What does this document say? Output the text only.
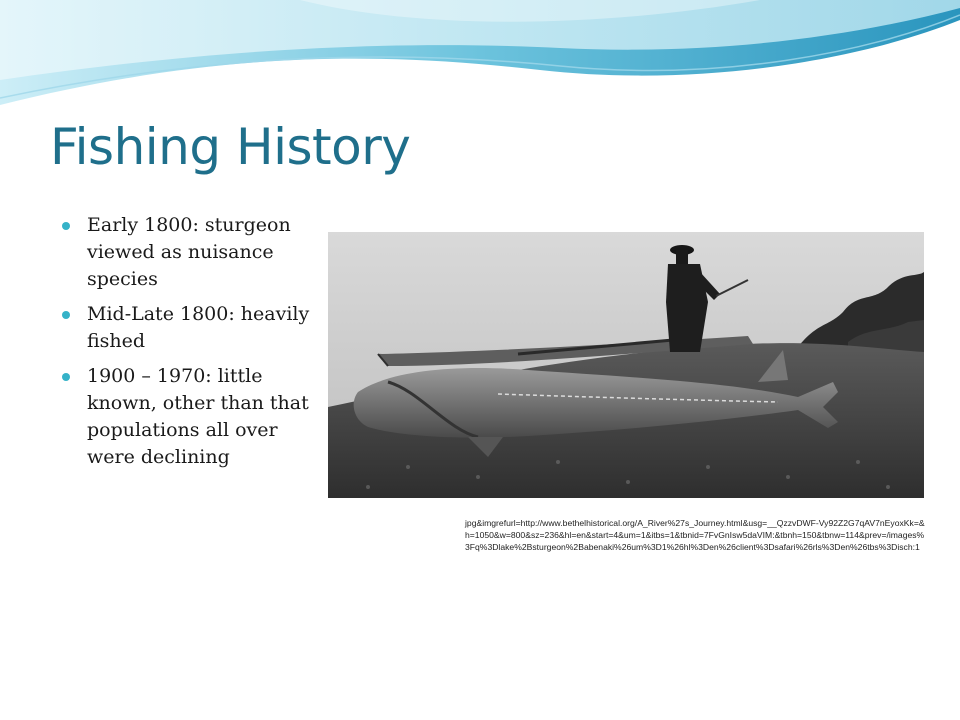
Fishing History
Early 1800: sturgeon viewed as nuisance species
Mid-Late 1800: heavily fished
1900 – 1970: little known, other than that populations all over were declining
jpg&imgrefurl=http://www.bethelhistorical.org/A_River%27s_Journey.html&usg=__QzzvDWF-Vy92Z2G7qAV7nEyoxKk=&h=1050&w=800&sz=236&hl=en&start=4&um=1&itbs=1&tbnid=7FvGnIsw5daVIM:&tbnh=150&tbnw=114&prev=/images%3Fq%3Dlake%2Bsturgeon%2Babenaki%26um%3D1%26hl%3Den%26client%3Dsafari%26rls%3Den%26tbs%3Disch:1
